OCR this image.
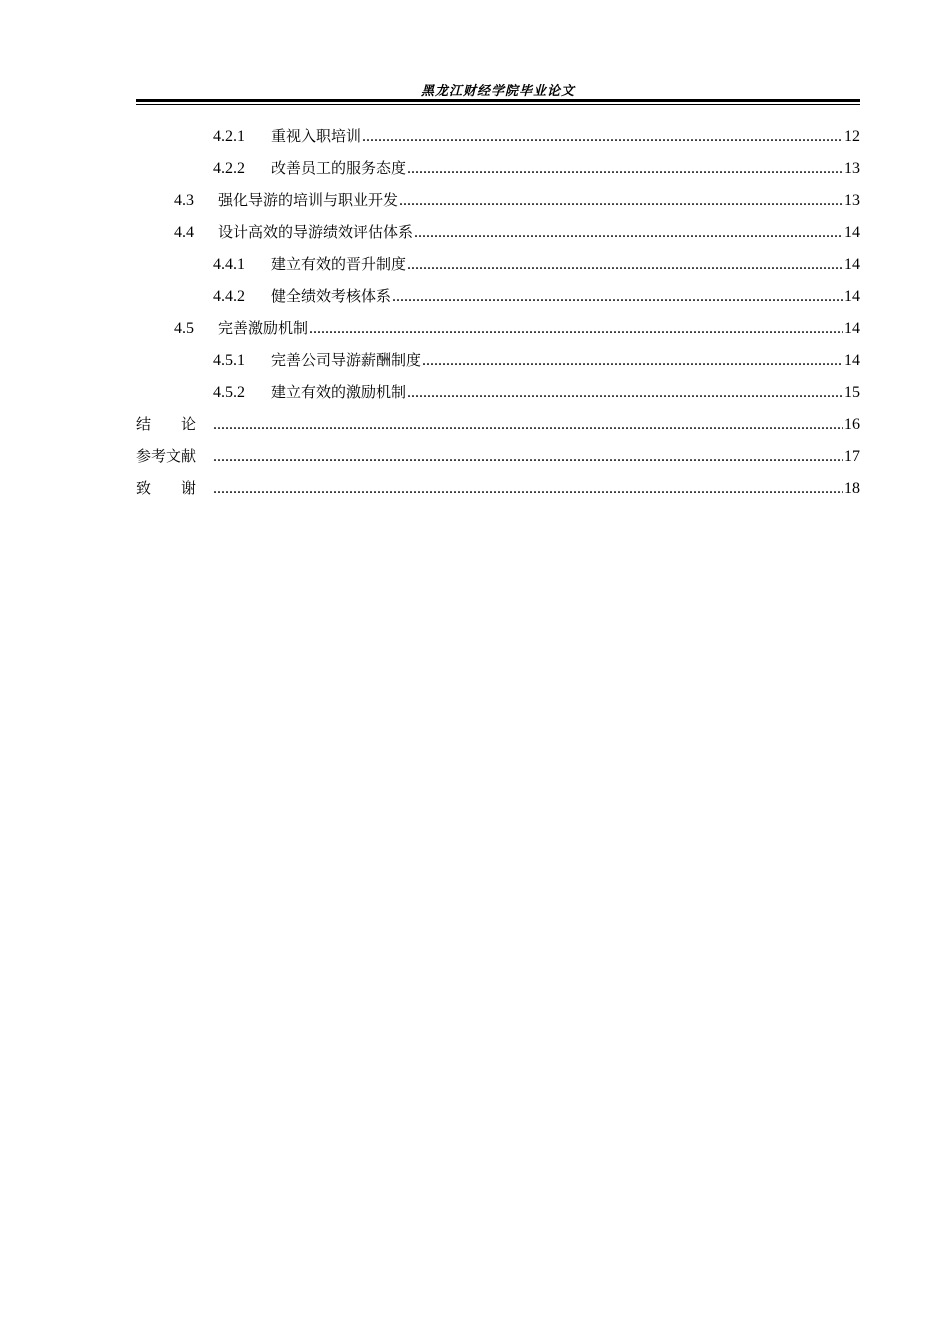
黑龙江财经学院毕业论文
4.2.1	重视入职培训 .....	12
4.2.2	改善员工的服务态度 .....	13
4.3	强化导游的培训与职业开发 .....	13
4.4	设计高效的导游绩效评估体系 .....	14
4.4.1	建立有效的晋升制度 .....	14
4.4.2	健全绩效考核体系 .....	14
4.5	完善激励机制 .....	14
4.5.1	完善公司导游薪酬制度 .....	14
4.5.2	建立有效的激励机制 .....	15
结　　论 .....	16
参考文献 .....	17
致　　谢 .....	18
